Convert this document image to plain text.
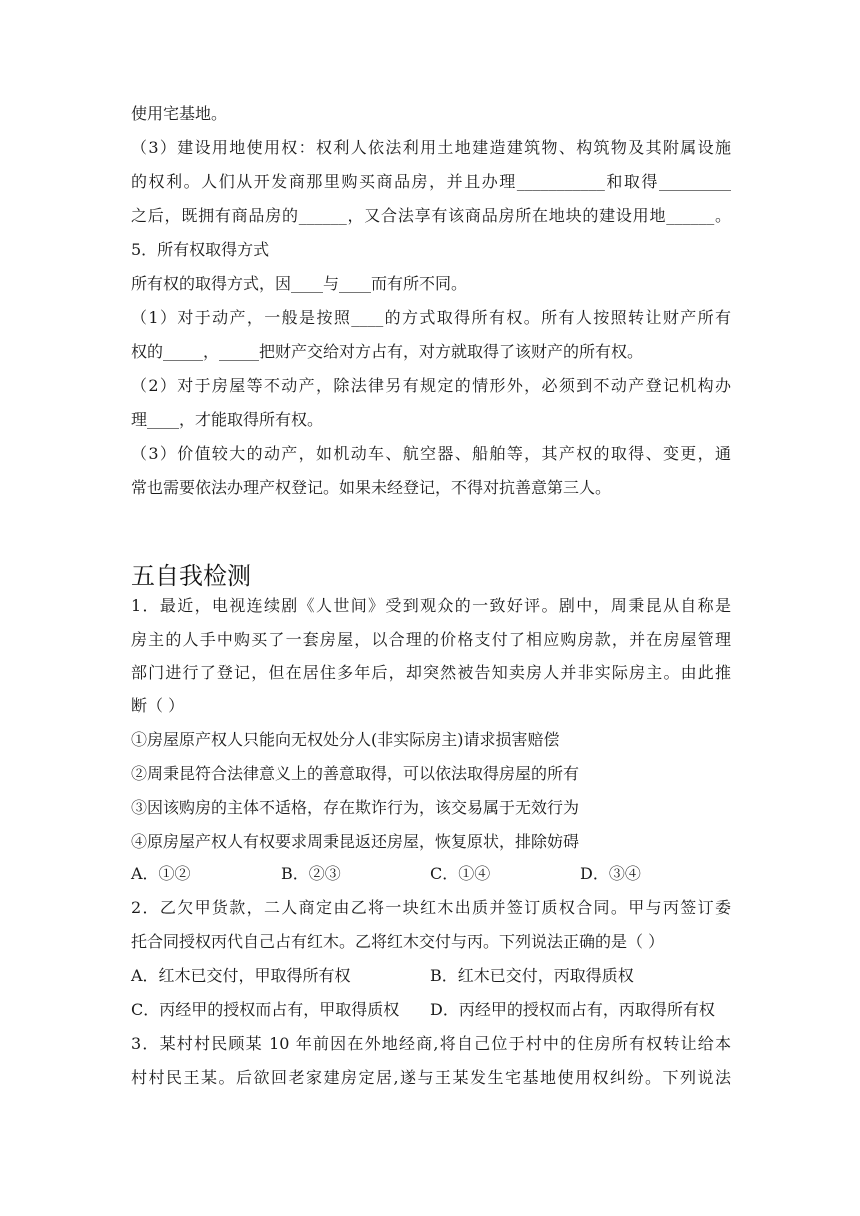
使用宅基地。
（3）建设用地使用权：权利人依法利用土地建造建筑物、构筑物及其附属设施
的权利。人们从开发商那里购买商品房，并且办理___________和取得_________
之后，既拥有商品房的______，又合法享有该商品房所在地块的建设用地______。
5．所有权取得方式
所有权的取得方式，因____与____而有所不同。
（1）对于动产，一般是按照____的方式取得所有权。所有人按照转让财产所有
权的_____，_____把财产交给对方占有，对方就取得了该财产的所有权。
（2）对于房屋等不动产，除法律另有规定的情形外，必须到不动产登记机构办
理____，才能取得所有权。
（3）价值较大的动产，如机动车、航空器、船舶等，其产权的取得、变更，通
常也需要依法办理产权登记。如果未经登记，不得对抗善意第三人。
五自我检测
1．最近，电视连续剧《人世间》受到观众的一致好评。剧中，周秉昆从自称是
房主的人手中购买了一套房屋，以合理的价格支付了相应购房款，并在房屋管理
部门进行了登记，但在居住多年后，却突然被告知卖房人并非实际房主。由此推
断（ ）
①房屋原产权人只能向无权处分人(非实际房主)请求损害赔偿
②周秉昆符合法律意义上的善意取得，可以依法取得房屋的所有
③因该购房的主体不适格，存在欺诈行为，该交易属于无效行为
④原房屋产权人有权要求周秉昆返还房屋，恢复原状，排除妨碍
A．①②	B．②③	C．①④	D．③④
2．乙欠甲货款，二人商定由乙将一块红木出质并签订质权合同。甲与丙签订委
托合同授权丙代自己占有红木。乙将红木交付与丙。下列说法正确的是（ ）
A．红木已交付，甲取得所有权	B．红木已交付，丙取得质权
C．丙经甲的授权而占有，甲取得质权 D．丙经甲的授权而占有，丙取得所有权
3．某村村民顾某 10 年前因在外地经商,将自己位于村中的住房所有权转让给本
村村民王某。后欲回老家建房定居,遂与王某发生宅基地使用权纠纷。下列说法
